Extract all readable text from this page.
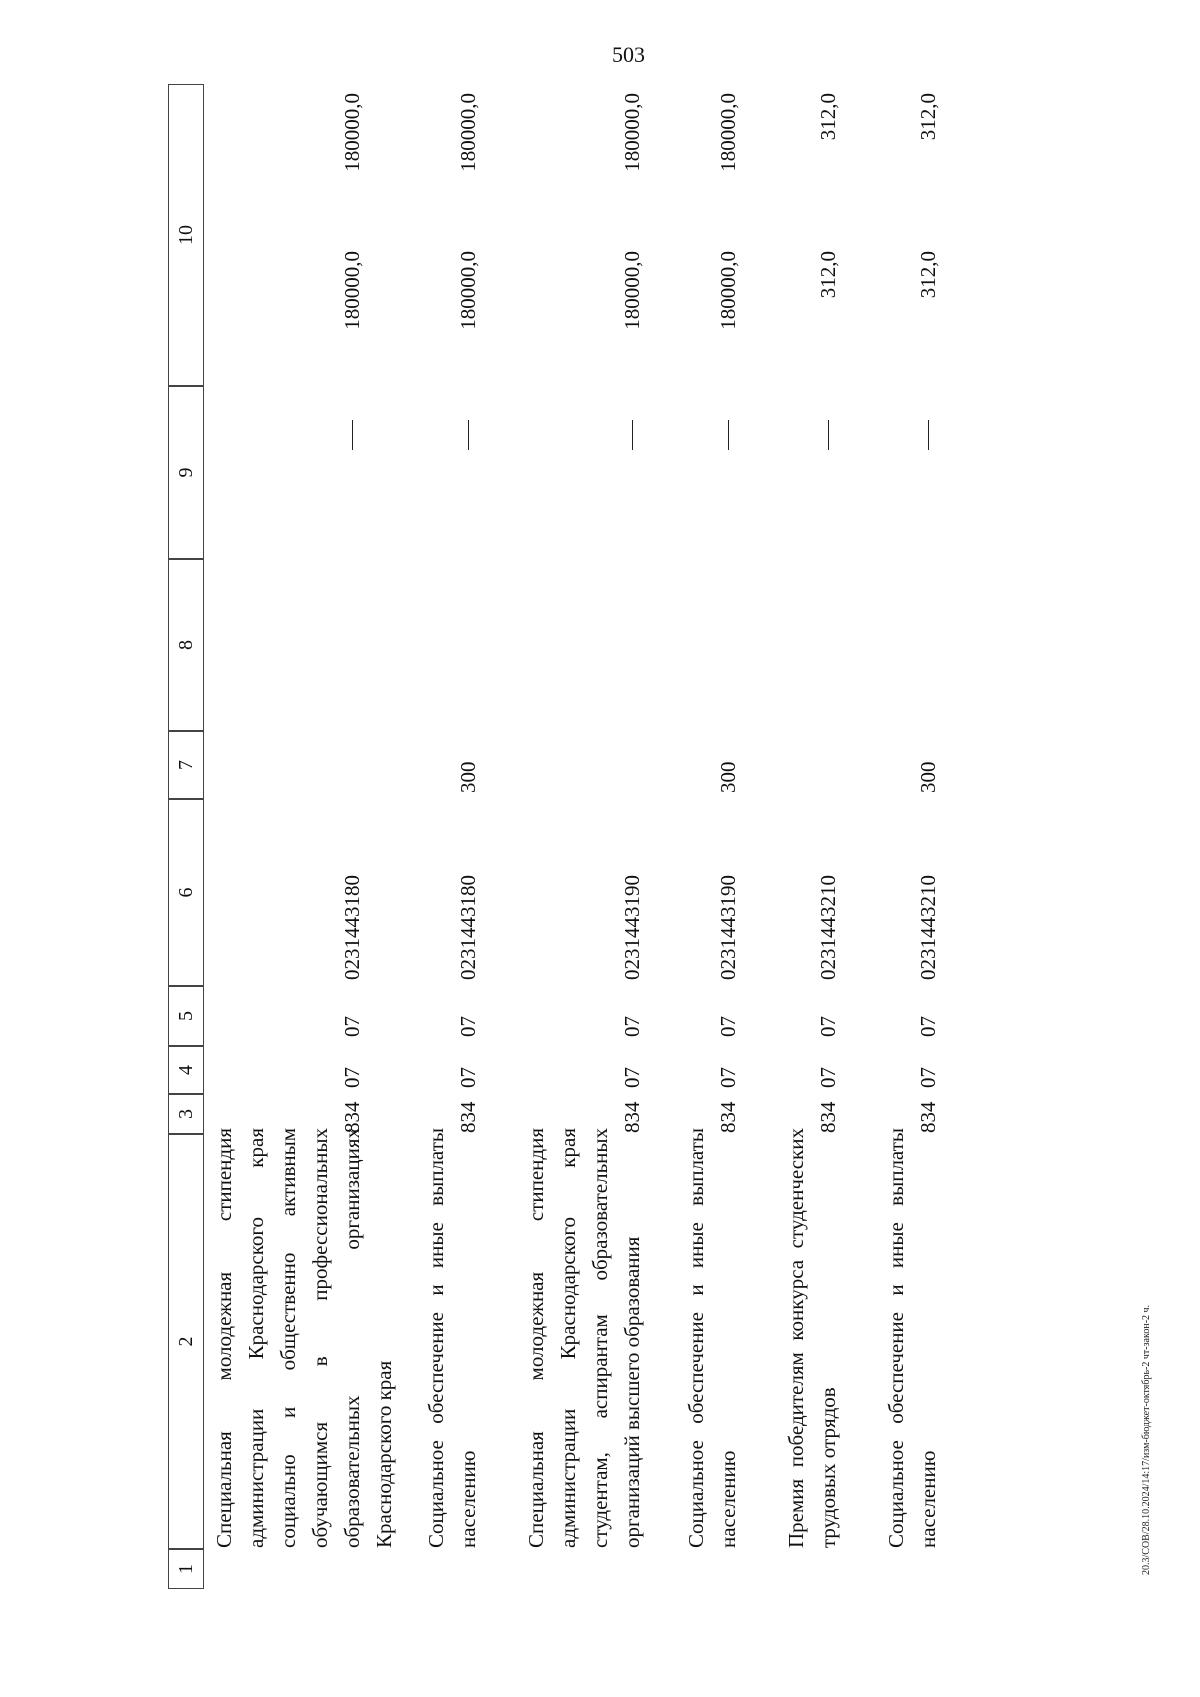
503
1
2
3
4
5
6
7
8
9
10

Специальная молодежная стипендия администрации Краснодарского края социально и общественно активным обучающимся в профессиональных образовательных организациях Краснодарского края

834
07
07
0231443180
180000,0
180000,0

Социальное обеспечение и иные выплаты населению

834
07
07
0231443180
300
180000,0
180000,0

Специальная молодежная стипендия администрации Краснодарского края студентам, аспирантам образовательных организаций высшего образования

834
07
07
0231443190
180000,0
180000,0

Социальное обеспечение и иные выплаты населению

834
07
07
0231443190
300
180000,0
180000,0

Премия победителям конкурса студенческих трудовых отрядов

834
07
07
0231443210
312,0
312,0

Социальное обеспечение и иные выплаты населению

834
07
07
0231443210
300
312,0
312,0
20.3/СОВ/28.10.2024/14:17/изм-бюджет-октябрь-2 чт-закон-2 ч.
